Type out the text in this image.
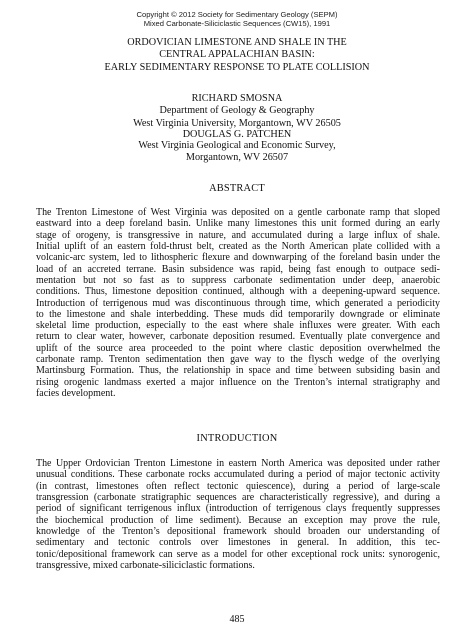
Copyright © 2012 Society for Sedimentary Geology (SEPM)
Mixed Carbonate-Siliciclastic Sequences (CW15), 1991
ORDOVICIAN LIMESTONE AND SHALE IN THE
CENTRAL APPALACHIAN BASIN:
EARLY SEDIMENTARY RESPONSE TO PLATE COLLISION
RICHARD SMOSNA
Department of Geology & Geography
West Virginia University, Morgantown, WV 26505
DOUGLAS G. PATCHEN
West Virginia Geological and Economic Survey,
Morgantown, WV 26507
ABSTRACT
The Trenton Limestone of West Virginia was deposited on a gentle carbonate ramp that sloped
eastward into a deep foreland basin. Unlike many limestones this unit formed during an early
stage of orogeny, is transgressive in nature, and accumulated during a large influx of shale.
Initial uplift of an eastern fold-thrust belt, created as the North American plate collided with a
volcanic-arc system, led to lithospheric flexure and downwarping of the foreland basin under the
load of an accreted terrane. Basin subsidence was rapid, being fast enough to outpace sedi-
mentation but not so fast as to suppress carbonate sedimentation under deep, anaerobic
conditions. Thus, limestone deposition continued, although with a deepening-upward sequence.
Introduction of terrigenous mud was discontinuous through time, which generated a periodicity
to the limestone and shale interbedding. These muds did temporarily downgrade or eliminate
skeletal lime production, especially to the east where shale influxes were greater. With each
return to clear water, however, carbonate deposition resumed. Eventually plate convergence and
uplift of the source area proceeded to the point where clastic deposition overwhelmed the
carbonate ramp. Trenton sedimentation then gave way to the flysch wedge of the overlying
Martinsburg Formation. Thus, the relationship in space and time between subsiding basin and
rising orogenic landmass exerted a major influence on the Trenton’s internal stratigraphy and
facies development.
INTRODUCTION
The Upper Ordovician Trenton Limestone in eastern North America was deposited under rather
unusual conditions. These carbonate rocks accumulated during a period of major tectonic activity
(in contrast, limestones often reflect tectonic quiescence), during a period of large-scale
transgression (carbonate stratigraphic sequences are characteristically regressive), and during a
period of significant terrigenous influx (introduction of terrigenous clays frequently suppresses
the biochemical production of lime sediment). Because an exception may prove the rule,
knowledge of the Trenton’s depositional framework should broaden our understanding of
sedimentary and tectonic controls over limestones in general. In addition, this tec-
tonic/depositional framework can serve as a model for other exceptional rock units: synorogenic,
transgressive, mixed carbonate-siliciclastic formations.
485
